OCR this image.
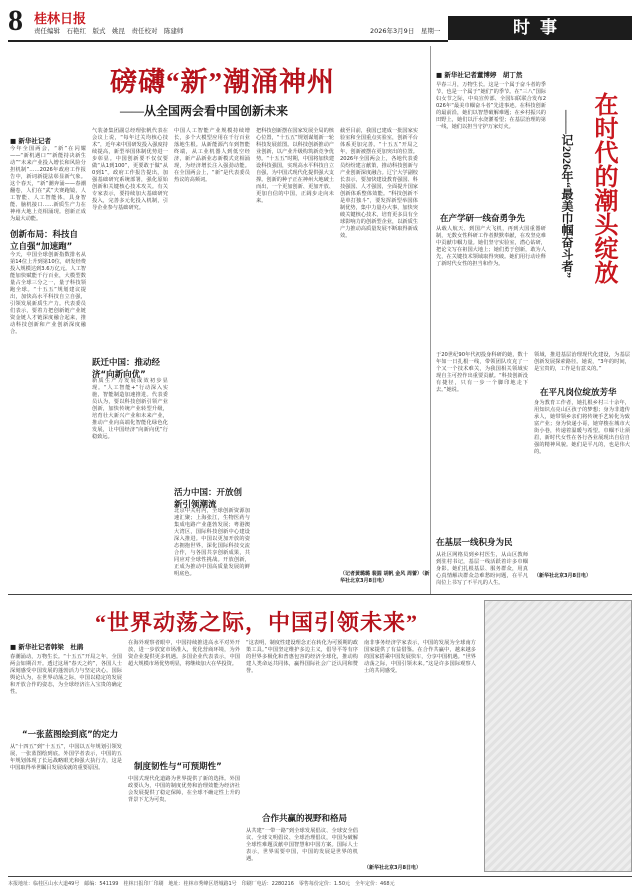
8 桂林日报
责任编辑　石艳红　版式　姚昆　责任校对　陈建师	2026年3月9日　星期一	时事
磅礴“新”潮涌神州
—— 从全国两会看中国创新未来
■ 新华社记者
今年全国两会，“新”在闪耀——“新机遇口”“新能持决新生动”“未来产业投入增长和风险分担机制”……2026年政府工作报告中，新词新提法彰显新气象。这个春天，“新”潮奔涌——春潮翻卷，人们在“武”夫赛跑镜，人工智能、人工智能体，具身智能、脑机接口……新质生产力在神州大地上竞相涌现。创新正成为最大动能。
创新布局：科技自立自强“加速跑”
今天，中国全球创新指数排名从第14位上升到第10位，研发经费投入规模达到3.6万亿元。人工智能加快赋能千行百业，大模型数量占全球三分之一，量子科技领跑全球。“十五五”规划建议提出，加快高水平科技自立自强，引领发展新质生产力。代表委员们表示，要着力把创新链产业链资金链人才链深度融合起来，推动科技创新和产业创新深度融合。
气装备集团副总经理张帆代表在会议上说，“每年过关均核心技术”，近年来中国研发投入强度持续提高，新型举国体制优势进一步彰显。中国创新要不仅仅要做“从1到100”，更要敢于做“从0到1”。政府工作报告提出，加强基础研究系统部署，强化原始创新和关键核心技术攻关。有关专家表示，要持续加大基础研究投入，完善多元化投入机制，引导企业参与基础研究。
跃迁中国：推动经济“向新向优”
新质生产力发展成效初步显现。“人工智能+”行动深入实施，智能制造加速推进。代表委员认为，要以科技创新引领产业创新，加快传统产业转型升级，培育壮大新兴产业和未来产业，推动产业向高端化智能化绿色化发展，让中国经济“向新向优”行稳致远。
中国人工智能产业规模持续增长，多个大模型应用在千行百业落地生根。从新能源汽车到智能终端，从工业机器人到低空经济，新产品新业态新模式竞相涌现，为经济增长注入强劲动能。在全国两会上，“新”是代表委员热议的高频词。
活力中国：开放创新引领潮流
北京中关村内，全球创新资源加速汇聚；上海张江，生物医药与集成电路产业蓬勃发展；粤港澳大湾区，国际科技创新中心建设深入推进。中国以更加开放的姿态拥抱世界，深化国际科技交流合作，与各国共享创新成果，共同应对全球性挑战。开放创新，正成为推动中国高质量发展的鲜明底色。
把科技创新摆在国家发展全局的核心位置，“十五五”规划谋划新一轮科技发展蓝图。以科技创新推动产业创新，以产业升级构筑新竞争优势。“十五五”时期，中国将加快建设科技强国，实现高水平科技自立自强，为中国式现代化提供强大支撑。创新的种子正在神州大地破土而出，一个更加创新、更加开放、更加自信的中国，正阔步走向未来。
截至目前，我国已建成一批国家实验室和全国重点实验室，创新平台体系更加完善。“十五五”开局之年，创新被摆在更加突出的位置。2026年全国两会上，各地代表委员纷纷建言献策，推动科技创新与产业创新深度融合。辽宁大学副校长表示，要加快建设教育强国、科技强国、人才强国，全面提升国家创新体系整体效能。“科技创新不是单打独斗”，要发挥新型举国体制优势，集中力量办大事，加快突破关键核心技术，培育更多具有全球影响力的创新型企业，以新质生产力推动高质量发展不断取得新成效。
（记者黄璐璐 裴圆 胡帆 金风 周蕾）（新华社北京3月8日电）
■ 新华社记者董博婷　胡丁然
在时代的潮头绽放
——记2026年“最美巾帼奋斗者”
早春三月，万物生长。这是一个属于奋斗者的季节，也是一个属于“她们”的季节。在“三八”国际妇女节之际，中央宣传部、全国妇联联合发布2026年“最美巾帼奋斗者”先进事迹。在科技创新的最前沿，她们以智慧破解难题；在乡村振兴的田野上，她们以汗水浇灌希望；在基层治理的第一线，她们以担当守护万家灯火。
在产学研一线奋勇争先
从载人航天、到国产大飞机，再到大国重器研制，无数女性科研工作者默默奉献，在攻坚克难中贡献巾帼力量。她们坚守实验室，潜心钻研，把论文写在祖国大地上；她们勇于创新，敢为人先，在关键技术领域取得突破。她们用行动诠释了新时代女性的担当和作为。
于20世纪90年代初投身科研的她，数十年如一日扎根一线，带领团队攻克了一个又一个技术难关，为我国相关领域实现自主可控作出重要贡献。“科技创新没有捷径，只有一步一个脚印地走下去。”她说。
在基层一线积身为民
从社区网格员到乡村医生，从山区教师到驻村书记，基层一线活跃着许多巾帼身影。她们扎根基层、服务群众，用真心真情解决群众急难愁盼问题，在平凡岗位上书写了不平凡的人生。
领域，推进基层治理现代化建设，为基层创新发展探索路径。她说，“3年的时间，是宝贵的，工作是有意义的。”
在平凡岗位绽放芳华
身为教育工作者，她扎根乡村三十余年，用知识点亮山区孩子的梦想；身为非遗传承人，她带领乡亲们将传统手艺转化为致富产业；身为快递小哥，她穿梭在城市大街小巷，传递着温暖与希望。巾帼不让须眉，新时代女性在各行各业展现出自信自强的精神风貌。她们是平凡的，也是伟大的。
（新华社北京3月8日电）
“世界动荡之际，中国引领未来”
■ 新华社记者韩梁　杜鹃
春潮涌动，万物生长。“十五五”开局之年，全国两会如期召开。透过这场“春天之约”，各国人士深刻感受中国发展的蓬勃活力与坚定决心。国际舆论认为，在世界动荡之际，中国以稳定的发展和开放合作的姿态，为全球经济注入宝贵的确定性。
“一张蓝图绘到底”的定力
从“十四五”到“十五五”，中国以五年规划引领发展，一张蓝图绘到底。外国学者表示，中国的五年规划体现了长远战略眼光和强大执行力，这是中国取得举世瞩目发展成就的重要原因。
在海外观察者眼中，中国持续推进高水平对外开放，进一步放宽市场准入，优化营商环境，为外资企业提供更多机遇。多国企业代表表示，中国超大规模市场优势明显，将继续加大在华投资。
制度韧性与“可预期性”
中国式现代化道路为世界提供了新的选择。外国政要认为，中国的制度优势和治理效能为经济社会发展提供了稳定保障，在全球不确定性上升的背景下尤为可贵。
“这表明，制度性建设理念正在转化为可预期的政策工具。”中国坚定维护多边主义，倡导平等有序的世界多极化和普惠包容的经济全球化，推动构建人类命运共同体，赢得国际社会广泛认同和赞誉。
合作共赢的视野和格局
从共建“一带一路”到全球发展倡议、全球安全倡议、全球文明倡议、全球治理倡议，中国为破解全球性难题贡献中国智慧和中国方案。国际人士表示，世界需要中国，中国的发展是世界的机遇。
南非事务经济学家表示，中国的发展为全球南方国家提供了有益借鉴。在合作共赢中，越来越多的国家搭乘中国发展快车，分享中国机遇。“世界动荡之际，中国引领未来。”这是许多国际观察人士的共同感受。
（新华社北京3月8日电）
本报地址：临桂区山水大道49号　邮编：541199　桂林日报印厂印刷　地址：桂林市秀峰区塔城路1号　印刷厂电话：2280216　零售每份定价：1.50元　全年定价：468元
